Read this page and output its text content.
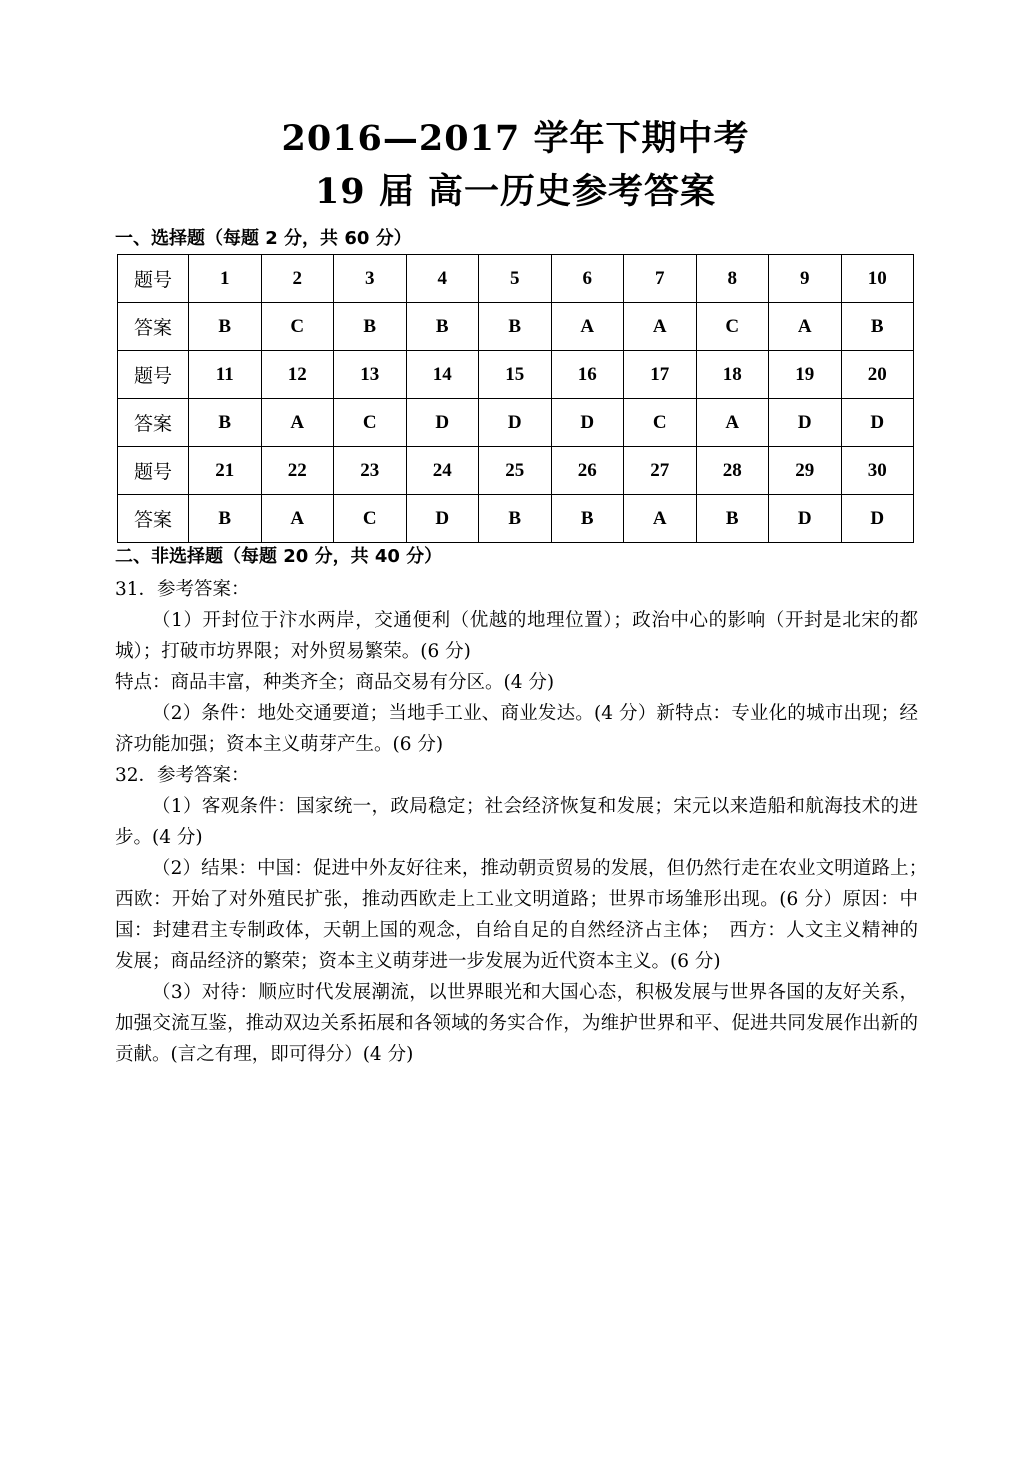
2016—2017 学年下期中考
19 届 高一历史参考答案
一、选择题（每题 2 分，共 60 分）
题号	1	2	3	4	5	6	7	8	9	10
答案	B	C	B	B	B	A	A	C	A	B
题号	11	12	13	14	15	16	17	18	19	20
答案	B	A	C	D	D	D	C	A	D	D
题号	21	22	23	24	25	26	27	28	29	30
答案	B	A	C	D	B	B	A	B	D	D
二、非选择题（每题 20 分，共 40 分）

31．参考答案：

（1）开封位于汴水两岸，交通便利（优越的地理位置）；政治中心的影响（开封是北宋的都城）；打破市坊界限；对外贸易繁荣。(6 分)

特点：商品丰富，种类齐全；商品交易有分区。(4 分)

（2）条件：地处交通要道；当地手工业、商业发达。(4 分）新特点：专业化的城市出现；经济功能加强；资本主义萌芽产生。(6 分)

32．参考答案：

（1）客观条件：国家统一，政局稳定；社会经济恢复和发展；宋元以来造船和航海技术的进步。(4 分)

（2）结果：中国：促进中外友好往来，推动朝贡贸易的发展，但仍然行走在农业文明道路上；　西欧：开始了对外殖民扩张，推动西欧走上工业文明道路；世界市场雏形出现。(6 分）原因：中国：封建君主专制政体，天朝上国的观念，自给自足的自然经济占主体；　西方：人文主义精神的发展；商品经济的繁荣；资本主义萌芽进一步发展为近代资本主义。(6 分)

（3）对待：顺应时代发展潮流，以世界眼光和大国心态，积极发展与世界各国的友好关系，加强交流互鉴，推动双边关系拓展和各领域的务实合作，为维护世界和平、促进共同发展作出新的贡献。(言之有理，即可得分）(4 分)
